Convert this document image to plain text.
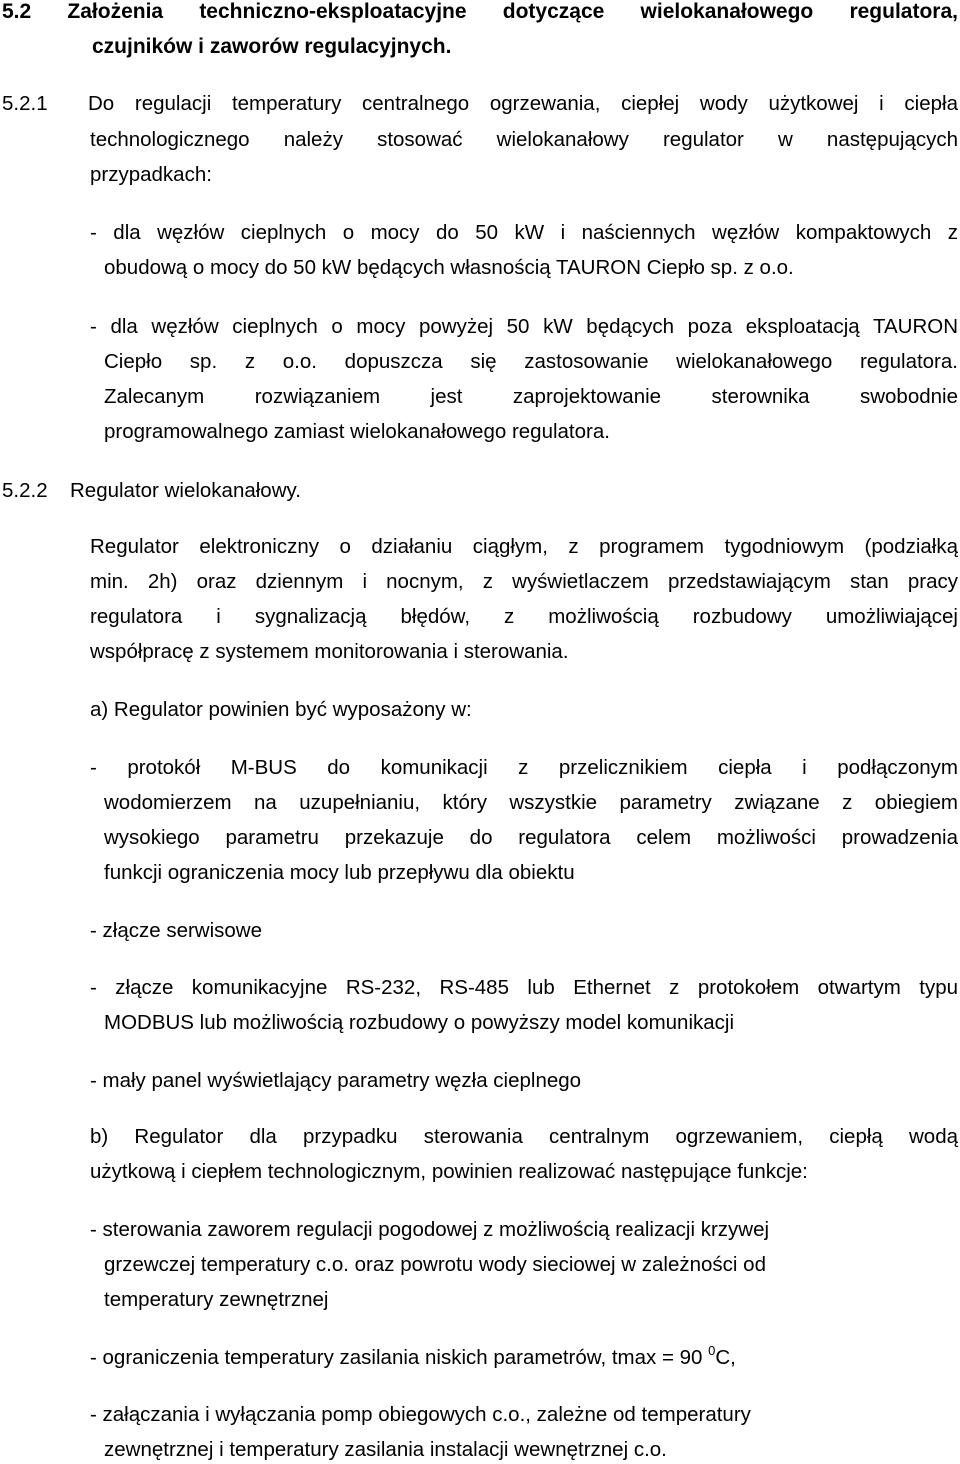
5.2 Założenia techniczno-eksploatacyjne dotyczące wielokanałowego regulatora,
czujników i zaworów regulacyjnych.
5.2.1 Do regulacji temperatury centralnego ogrzewania, ciepłej wody użytkowej i ciepła
technologicznego należy stosować wielokanałowy regulator w następujących
przypadkach:
- dla węzłów cieplnych o mocy do 50 kW i naściennych węzłów kompaktowych z
obudową o mocy do 50 kW będących własnością TAURON Ciepło sp. z o.o.
- dla węzłów cieplnych o mocy powyżej 50 kW będących poza eksploatacją TAURON
Ciepło sp. z o.o. dopuszcza się zastosowanie wielokanałowego regulatora.
Zalecanym rozwiązaniem jest zaprojektowanie sterownika swobodnie
programowalnego zamiast wielokanałowego regulatora.
5.2.2 Regulator wielokanałowy.
Regulator elektroniczny o działaniu ciągłym, z programem tygodniowym (podziałką
min. 2h) oraz dziennym i nocnym, z wyświetlaczem przedstawiającym stan pracy
regulatora i sygnalizacją błędów, z możliwością rozbudowy umożliwiającej
współpracę z systemem monitorowania i sterowania.
a) Regulator powinien być wyposażony w:
- protokół M-BUS do komunikacji z przelicznikiem ciepła i podłączonym
wodomierzem na uzupełnianiu, który wszystkie parametry związane z obiegiem
wysokiego parametru przekazuje do regulatora celem możliwości prowadzenia
funkcji ograniczenia mocy lub przepływu dla obiektu
- złącze serwisowe
- złącze komunikacyjne RS-232, RS-485 lub Ethernet z protokołem otwartym typu
MODBUS lub możliwością rozbudowy o powyższy model komunikacji
- mały panel wyświetlający parametry węzła cieplnego
b) Regulator dla przypadku sterowania centralnym ogrzewaniem, ciepłą wodą
użytkową i ciepłem technologicznym, powinien realizować następujące funkcje:
- sterowania zaworem regulacji pogodowej z możliwością realizacji krzywej
grzewczej temperatury c.o. oraz powrotu wody sieciowej w zależności od
temperatury zewnętrznej
- ograniczenia temperatury zasilania niskich parametrów, tmax = 90 $^0$C,
- załączania i wyłączania pomp obiegowych c.o., zależne od temperatury
zewnętrznej i temperatury zasilania instalacji wewnętrznej c.o.
